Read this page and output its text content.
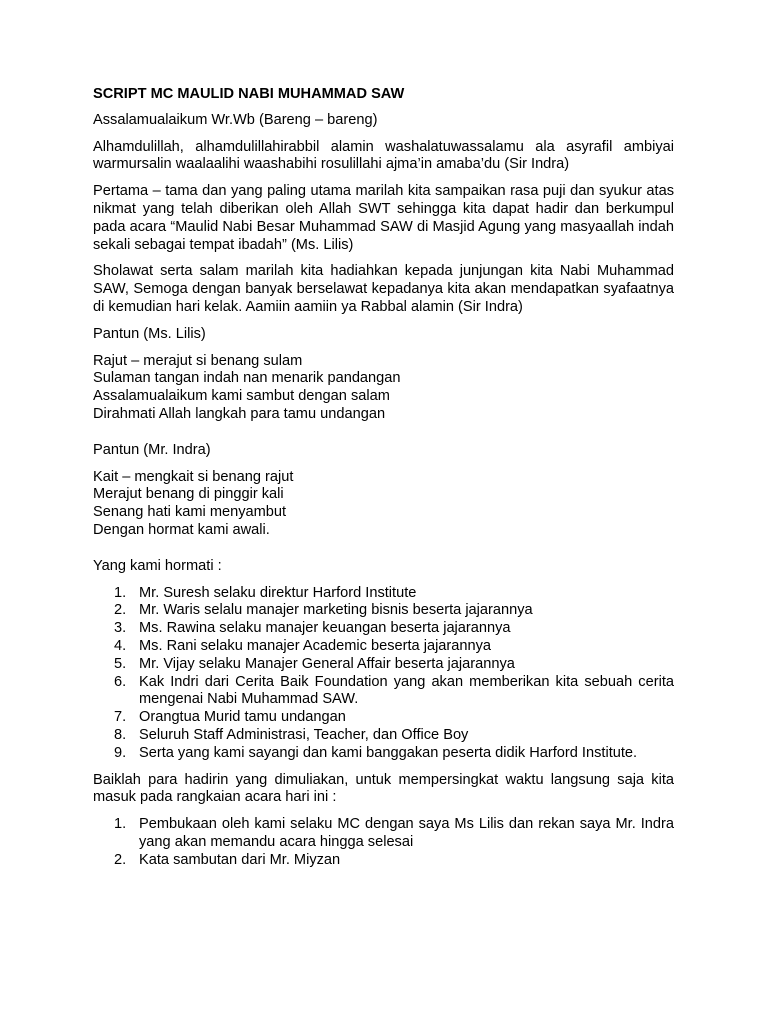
SCRIPT MC MAULID NABI MUHAMMAD SAW

Assalamualaikum Wr.Wb (Bareng – bareng)

Alhamdulillah, alhamdulillahirabbil alamin washalatuwassalamu ala asyrafil ambiyai warmursalin waalaalihi waashabihi rosulillahi ajma’in amaba’du (Sir Indra)

Pertama – tama dan yang paling utama marilah kita sampaikan rasa puji dan syukur atas nikmat yang telah diberikan oleh Allah SWT sehingga kita dapat hadir dan berkumpul pada acara “Maulid Nabi Besar Muhammad SAW di Masjid Agung yang masyaallah indah sekali sebagai tempat ibadah” (Ms. Lilis)

Sholawat serta salam marilah kita hadiahkan kepada junjungan kita Nabi Muhammad SAW, Semoga dengan banyak berselawat kepadanya kita akan mendapatkan syafaatnya di kemudian hari kelak. Aamiin aamiin ya Rabbal alamin (Sir Indra)

Pantun (Ms. Lilis)
Rajut – merajut si benang sulam
Sulaman tangan indah nan menarik pandangan
Assalamualaikum kami sambut dengan salam
Dirahmati Allah langkah para tamu undangan
Pantun (Mr. Indra)
Kait – mengkait si benang rajut
Merajut benang di pinggir kali
Senang hati kami menyambut
Dengan hormat kami awali.

Yang kami hormati :

1. Mr. Suresh selaku direktur Harford Institute
2. Mr. Waris selalu manajer marketing bisnis beserta jajarannya
3. Ms. Rawina selaku manajer keuangan beserta jajarannya
4. Ms. Rani selaku manajer Academic beserta jajarannya
5. Mr. Vijay selaku Manajer General Affair beserta jajarannya
6. Kak Indri dari Cerita Baik Foundation yang akan memberikan kita sebuah cerita mengenai Nabi Muhammad SAW.
7. Orangtua Murid tamu undangan
8. Seluruh Staff Administrasi, Teacher, dan Office Boy
9. Serta yang kami sayangi dan kami banggakan peserta didik Harford Institute.

Baiklah para hadirin yang dimuliakan, untuk mempersingkat waktu langsung saja kita masuk pada rangkaian acara hari ini :

1. Pembukaan oleh kami selaku MC dengan saya Ms Lilis dan rekan saya Mr. Indra yang akan memandu acara hingga selesai
2. Kata sambutan dari Mr. Miyzan
